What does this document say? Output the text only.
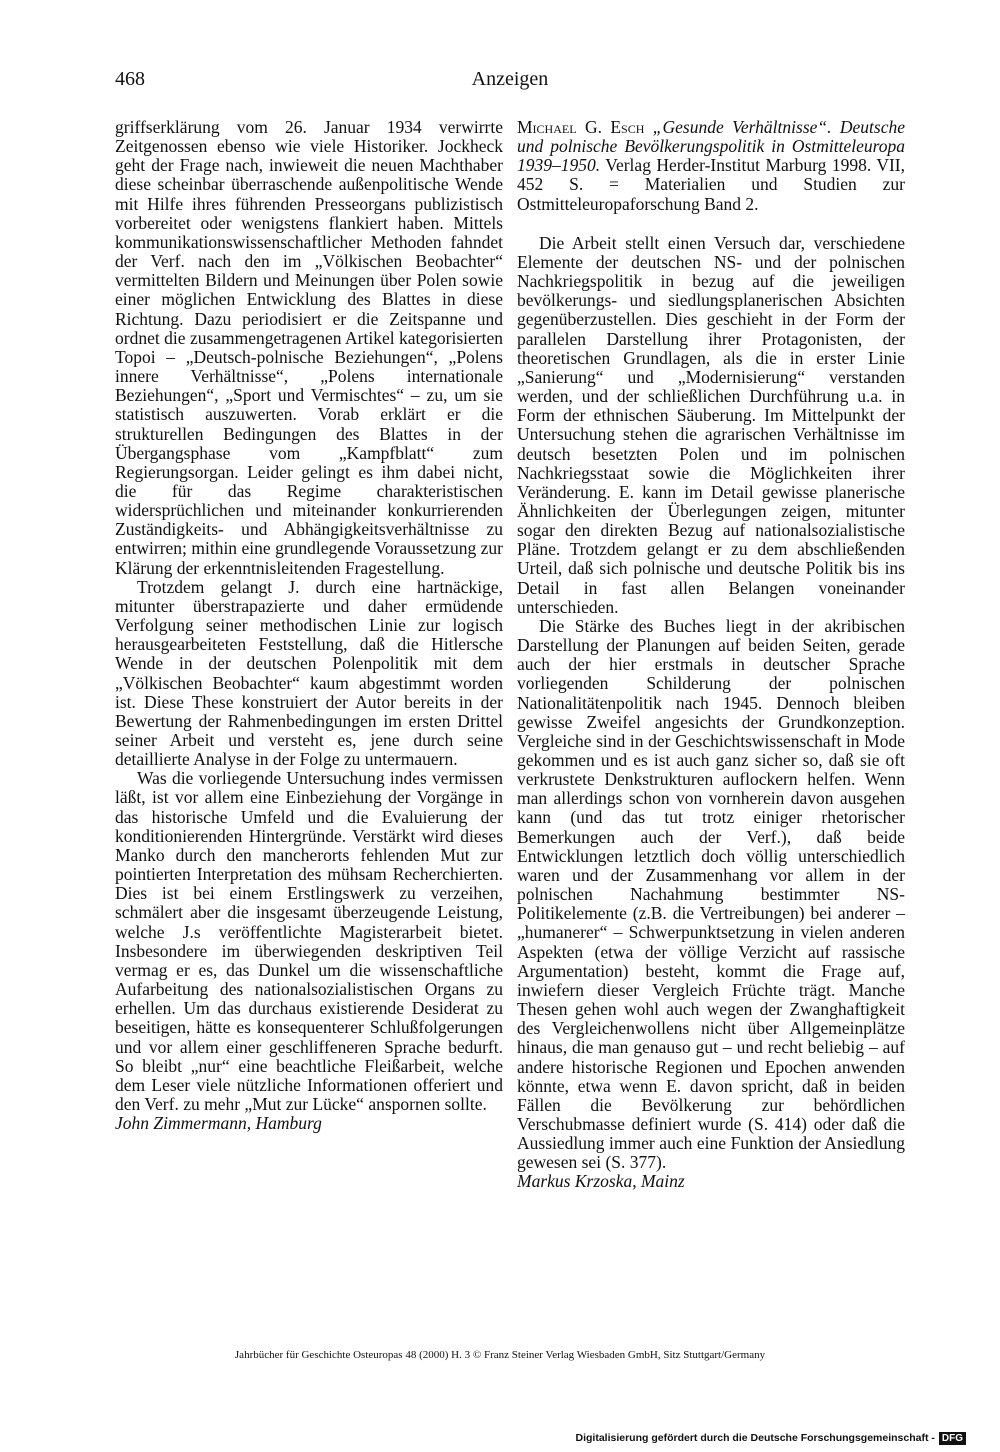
468	Anzeigen

griffserklärung vom 26. Januar 1934 verwirrte Zeitgenossen ebenso wie viele Historiker. Jockheck geht der Frage nach, inwieweit die neuen Machthaber diese scheinbar überraschende außenpolitische Wende mit Hilfe ihres führenden Presseorgans publizistisch vorbereitet oder wenigstens flankiert haben. Mittels kommunikationswissenschaftlicher Methoden fahndet der Verf. nach den im „Völkischen Beobachter“ vermittelten Bildern und Meinungen über Polen sowie einer möglichen Entwicklung des Blattes in diese Richtung. Dazu periodisiert er die Zeitspanne und ordnet die zusammengetragenen Artikel kategorisierten Topoi – „Deutsch-polnische Beziehungen“, „Polens innere Verhältnisse“, „Polens internationale Beziehungen“, „Sport und Vermischtes“ – zu, um sie statistisch auszuwerten. Vorab erklärt er die strukturellen Bedingungen des Blattes in der Übergangsphase vom „Kampfblatt“ zum Regierungsorgan. Leider gelingt es ihm dabei nicht, die für das Regime charakteristischen widersprüchlichen und miteinander konkurrierenden Zuständigkeits- und Abhängigkeitsverhältnisse zu entwirren; mithin eine grundlegende Voraussetzung zur Klärung der erkenntnisleitenden Fragestellung.

Trotzdem gelangt J. durch eine hartnäckige, mitunter überstrapazierte und daher ermüdende Verfolgung seiner methodischen Linie zur logisch herausgearbeiteten Feststellung, daß die Hitlersche Wende in der deutschen Polenpolitik mit dem „Völkischen Beobachter“ kaum abgestimmt worden ist. Diese These konstruiert der Autor bereits in der Bewertung der Rahmenbedingungen im ersten Drittel seiner Arbeit und versteht es, jene durch seine detaillierte Analyse in der Folge zu untermauern.

Was die vorliegende Untersuchung indes vermissen läßt, ist vor allem eine Einbeziehung der Vorgänge in das historische Umfeld und die Evaluierung der konditionierenden Hintergründe. Verstärkt wird dieses Manko durch den mancherorts fehlenden Mut zur pointierten Interpretation des mühsam Recherchierten. Dies ist bei einem Erstlingswerk zu verzeihen, schmälert aber die insgesamt überzeugende Leistung, welche J.s veröffentlichte Magisterarbeit bietet. Insbesondere im überwiegenden deskriptiven Teil vermag er es, das Dunkel um die wissenschaftliche Aufarbeitung des nationalsozialistischen Organs zu erhellen. Um das durchaus existierende Desiderat zu beseitigen, hätte es konsequenterer Schlußfolgerungen und vor allem einer geschliffeneren Sprache bedurft. So bleibt „nur“ eine beachtliche Fleißarbeit, welche dem Leser viele nützliche Informationen offeriert und den Verf. zu mehr „Mut zur Lücke“ anspornen sollte.

John Zimmermann, Hamburg

Michael G. Esch „Gesunde Verhältnisse“. Deutsche und polnische Bevölkerungspolitik in Ostmitteleuropa 1939–1950. Verlag Herder-Institut Marburg 1998. VII, 452 S. = Materialien und Studien zur Ostmitteleuropaforschung Band 2.

Die Arbeit stellt einen Versuch dar, verschiedene Elemente der deutschen NS- und der polnischen Nachkriegspolitik in bezug auf die jeweiligen bevölkerungs- und siedlungsplanerischen Absichten gegenüberzustellen. Dies geschieht in der Form der parallelen Darstellung ihrer Protagonisten, der theoretischen Grundlagen, als die in erster Linie „Sanierung“ und „Modernisierung“ verstanden werden, und der schließlichen Durchführung u.a. in Form der ethnischen Säuberung. Im Mittelpunkt der Untersuchung stehen die agrarischen Verhältnisse im deutsch besetzten Polen und im polnischen Nachkriegsstaat sowie die Möglichkeiten ihrer Veränderung. E. kann im Detail gewisse planerische Ähnlichkeiten der Überlegungen zeigen, mitunter sogar den direkten Bezug auf nationalsozialistische Pläne. Trotzdem gelangt er zu dem abschließenden Urteil, daß sich polnische und deutsche Politik bis ins Detail in fast allen Belangen voneinander unterschieden.

Die Stärke des Buches liegt in der akribischen Darstellung der Planungen auf beiden Seiten, gerade auch der hier erstmals in deutscher Sprache vorliegenden Schilderung der polnischen Nationalitätenpolitik nach 1945. Dennoch bleiben gewisse Zweifel angesichts der Grundkonzeption. Vergleiche sind in der Geschichtswissenschaft in Mode gekommen und es ist auch ganz sicher so, daß sie oft verkrustete Denkstrukturen auflockern helfen. Wenn man allerdings schon von vornherein davon ausgehen kann (und das tut trotz einiger rhetorischer Bemerkungen auch der Verf.), daß beide Entwicklungen letztlich doch völlig unterschiedlich waren und der Zusammenhang vor allem in der polnischen Nachahmung bestimmter NS-Politikelemente (z.B. die Vertreibungen) bei anderer – „humanerer“ – Schwerpunktsetzung in vielen anderen Aspekten (etwa der völlige Verzicht auf rassische Argumentation) besteht, kommt die Frage auf, inwiefern dieser Vergleich Früchte trägt. Manche Thesen gehen wohl auch wegen der Zwanghaftigkeit des Vergleichenwollens nicht über Allgemeinplätze hinaus, die man genauso gut – und recht beliebig – auf andere historische Regionen und Epochen anwenden könnte, etwa wenn E. davon spricht, daß in beiden Fällen die Bevölkerung zur behördlichen Verschubmasse definiert wurde (S. 414) oder daß die Aussiedlung immer auch eine Funktion der Ansiedlung gewesen sei (S. 377).

Markus Krzoska, Mainz

Jahrbücher für Geschichte Osteuropas 48 (2000) H. 3 © Franz Steiner Verlag Wiesbaden GmbH, Sitz Stuttgart/Germany
Digitalisierung gefördert durch die Deutsche Forschungsgemeinschaft - DFG
